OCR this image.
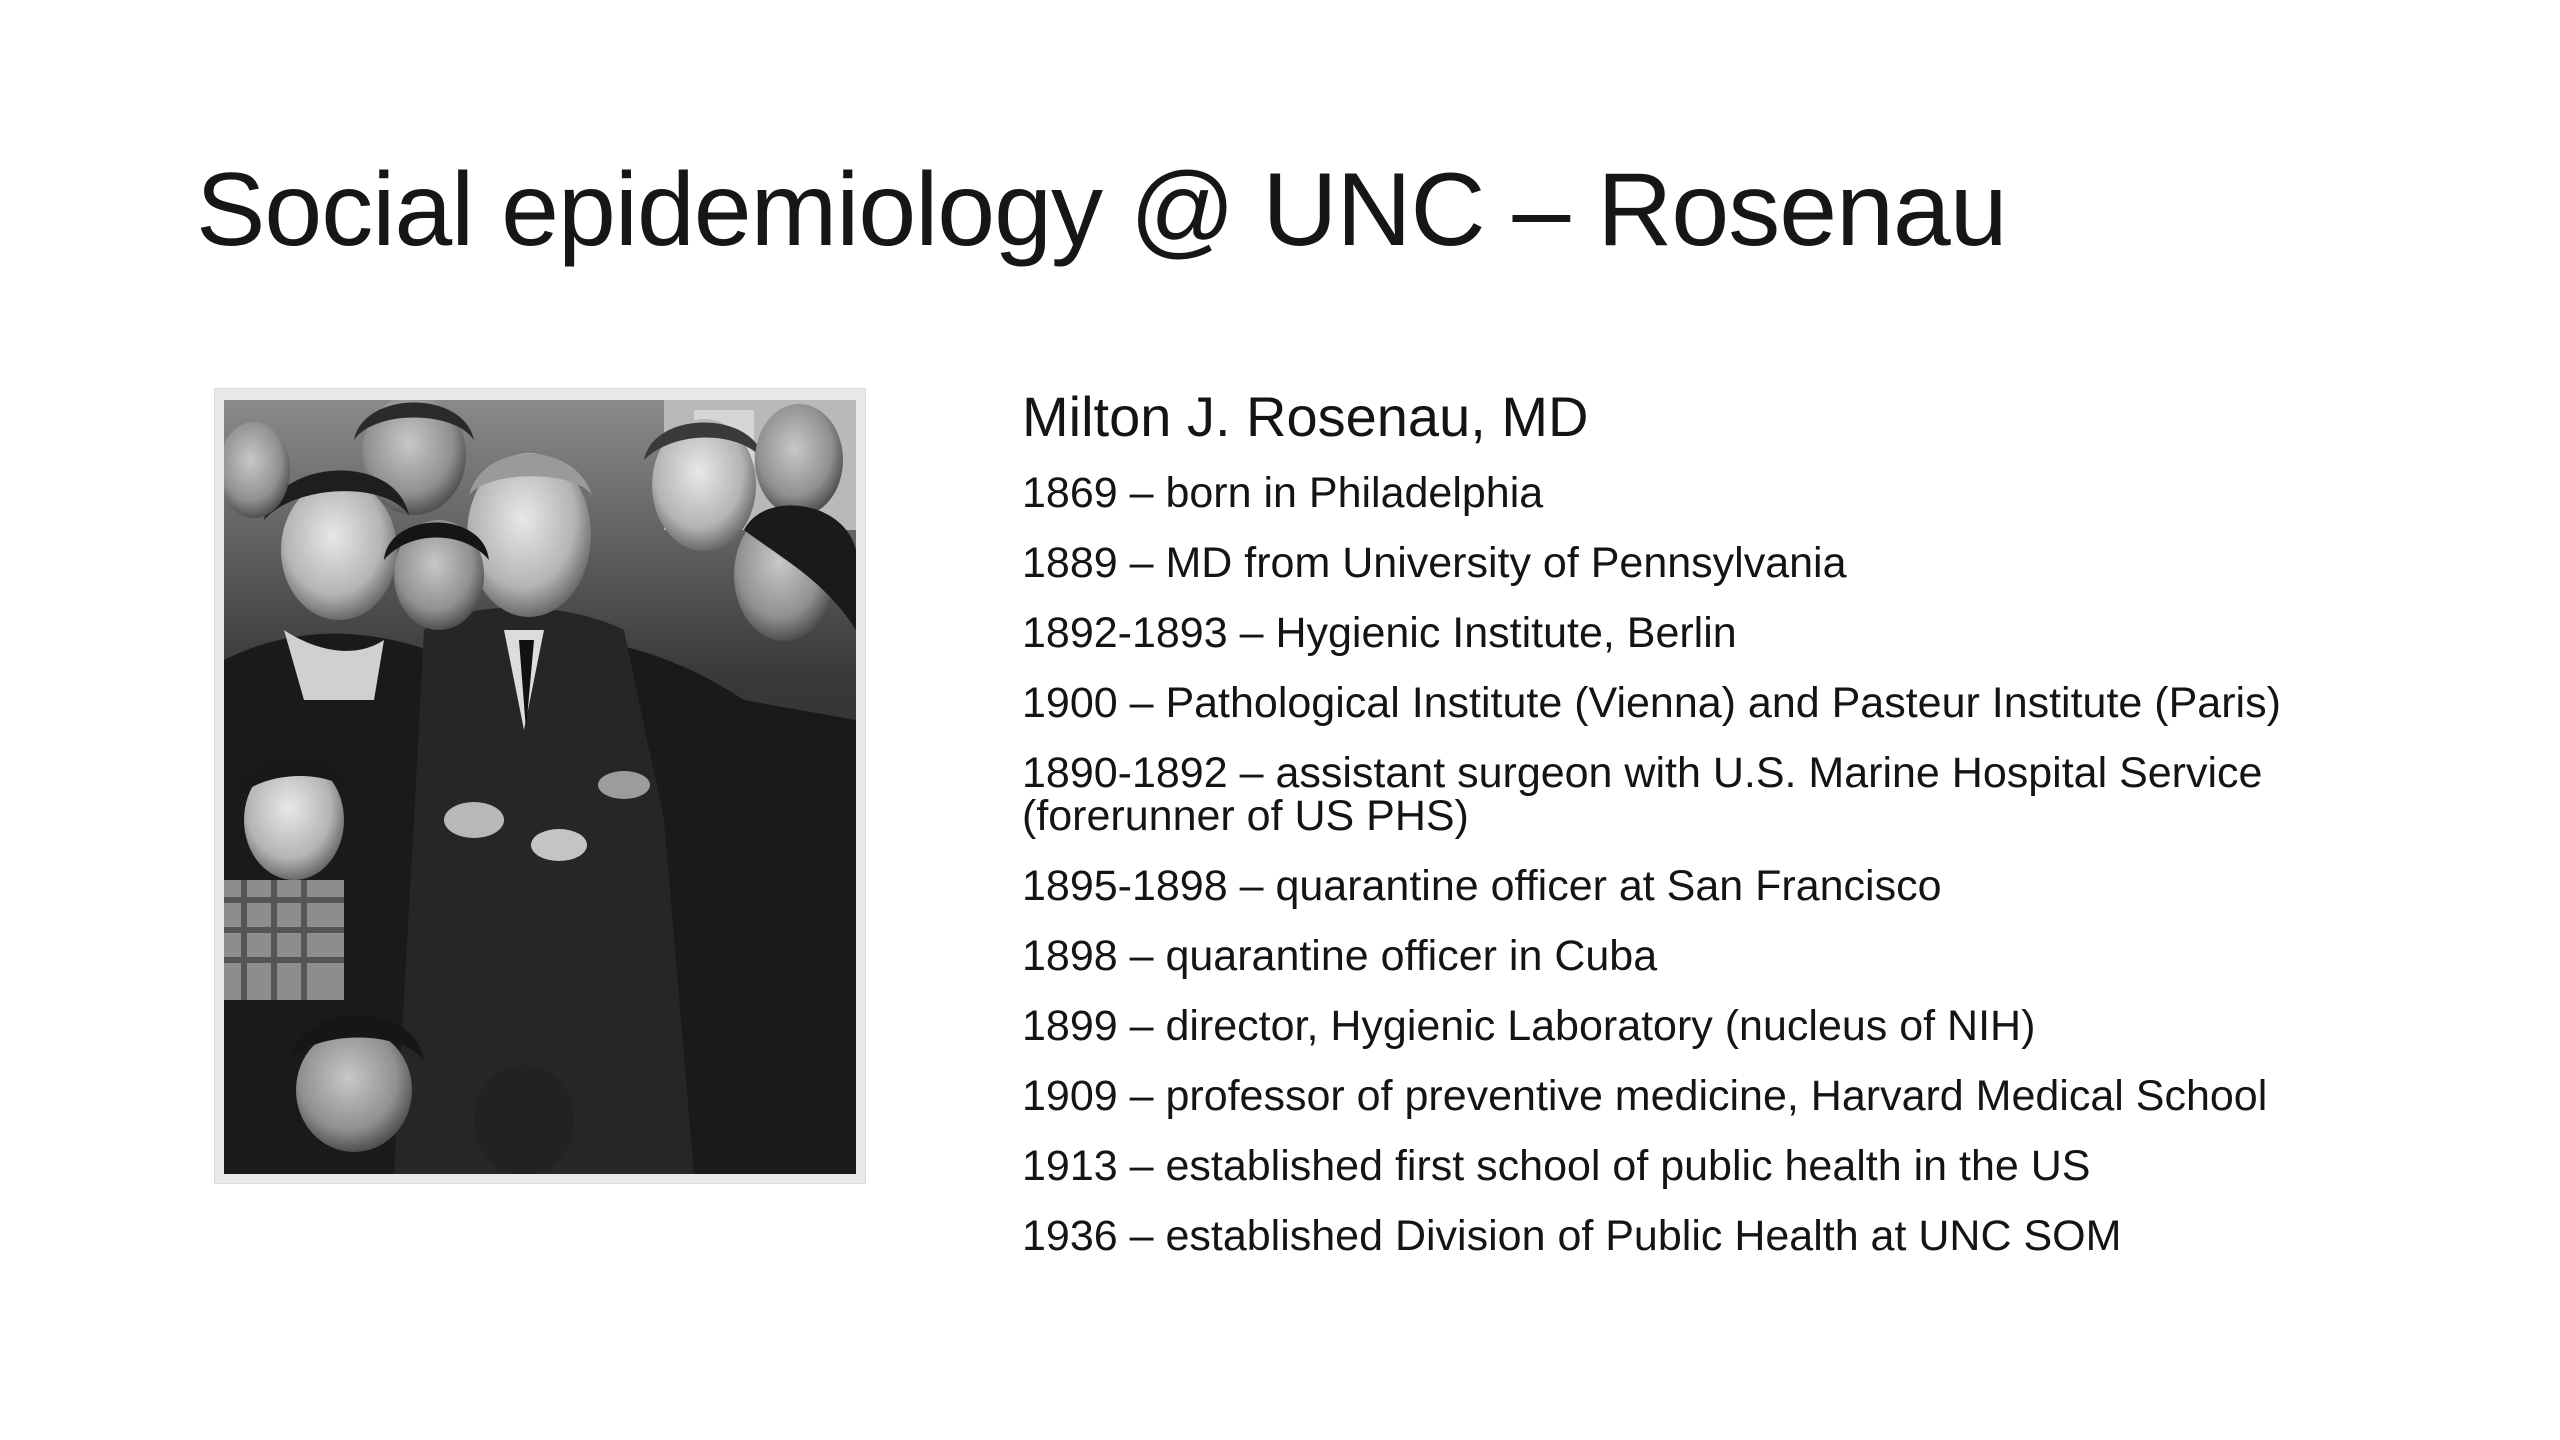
Social epidemiology @ UNC – Rosenau
Milton J. Rosenau, MD
1869 – born in Philadelphia
1889 – MD from University of Pennsylvania
1892-1893 – Hygienic Institute, Berlin
1900 – Pathological Institute (Vienna) and Pasteur Institute (Paris)
1890-1892 – assistant surgeon with U.S. Marine Hospital Service (forerunner of US PHS)
1895-1898 – quarantine officer at San Francisco
1898 – quarantine officer in Cuba
1899 – director, Hygienic Laboratory (nucleus of NIH)
1909 – professor of preventive medicine, Harvard Medical School
1913 – established first school of public health in the US
1936 – established Division of Public Health at UNC SOM
